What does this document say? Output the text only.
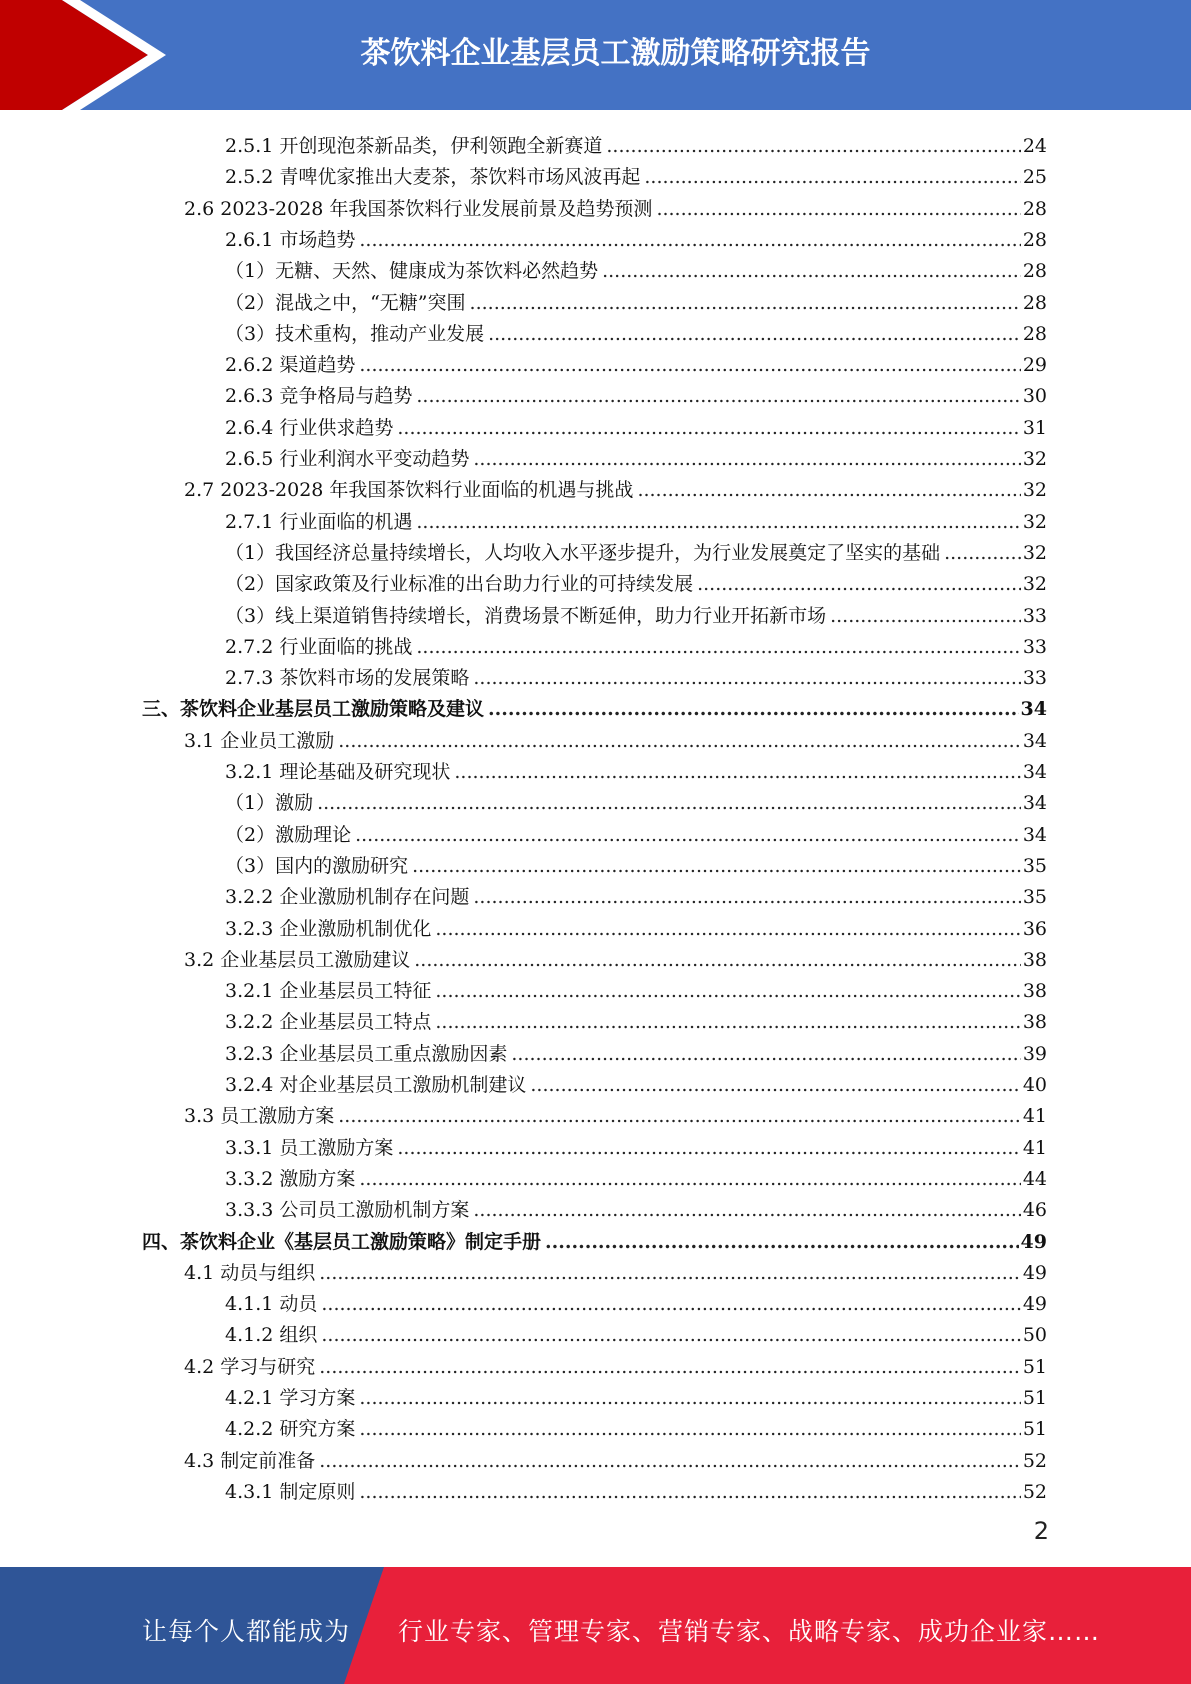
茶饮料企业基层员工激励策略研究报告
2.5.1 开创现泡茶新品类，伊利领跑全新赛道 .....	24
2.5.2 青啤优家推出大麦茶，茶饮料市场风波再起 .....	25
2.6 2023-2028 年我国茶饮料行业发展前景及趋势预测 .....	28
2.6.1 市场趋势 .....	28
（1）无糖、天然、健康成为茶饮料必然趋势 .....	28
（2）混战之中，“无糖”突围 .....	28
（3）技术重构，推动产业发展 .....	28
2.6.2 渠道趋势 .....	29
2.6.3 竞争格局与趋势 .....	30
2.6.4 行业供求趋势 .....	31
2.6.5 行业利润水平变动趋势 .....	32
2.7 2023-2028 年我国茶饮料行业面临的机遇与挑战 .....	32
2.7.1 行业面临的机遇 .....	32
（1）我国经济总量持续增长，人均收入水平逐步提升，为行业发展奠定了坚实的基础 .....	32
（2）国家政策及行业标准的出台助力行业的可持续发展 .....	32
（3）线上渠道销售持续增长，消费场景不断延伸，助力行业开拓新市场 .....	33
2.7.2 行业面临的挑战 .....	33
2.7.3 茶饮料市场的发展策略 .....	33
三、茶饮料企业基层员工激励策略及建议 .....	34
3.1 企业员工激励 .....	34
3.2.1 理论基础及研究现状 .....	34
（1）激励 .....	34
（2）激励理论 .....	34
（3）国内的激励研究 .....	35
3.2.2 企业激励机制存在问题 .....	35
3.2.3 企业激励机制优化 .....	36
3.2 企业基层员工激励建议 .....	38
3.2.1 企业基层员工特征 .....	38
3.2.2 企业基层员工特点 .....	38
3.2.3 企业基层员工重点激励因素 .....	39
3.2.4 对企业基层员工激励机制建议 .....	40
3.3 员工激励方案 .....	41
3.3.1 员工激励方案 .....	41
3.3.2 激励方案 .....	44
3.3.3 公司员工激励机制方案 .....	46
四、茶饮料企业《基层员工激励策略》制定手册 .....	49
4.1 动员与组织 .....	49
4.1.1 动员 .....	49
4.1.2 组织 .....	50
4.2 学习与研究 .....	51
4.2.1 学习方案 .....	51
4.2.2 研究方案 .....	51
4.3 制定前准备 .....	52
4.3.1 制定原则 .....	52
2
让每个人都能成为 行业专家、管理专家、营销专家、战略专家、成功企业家……
